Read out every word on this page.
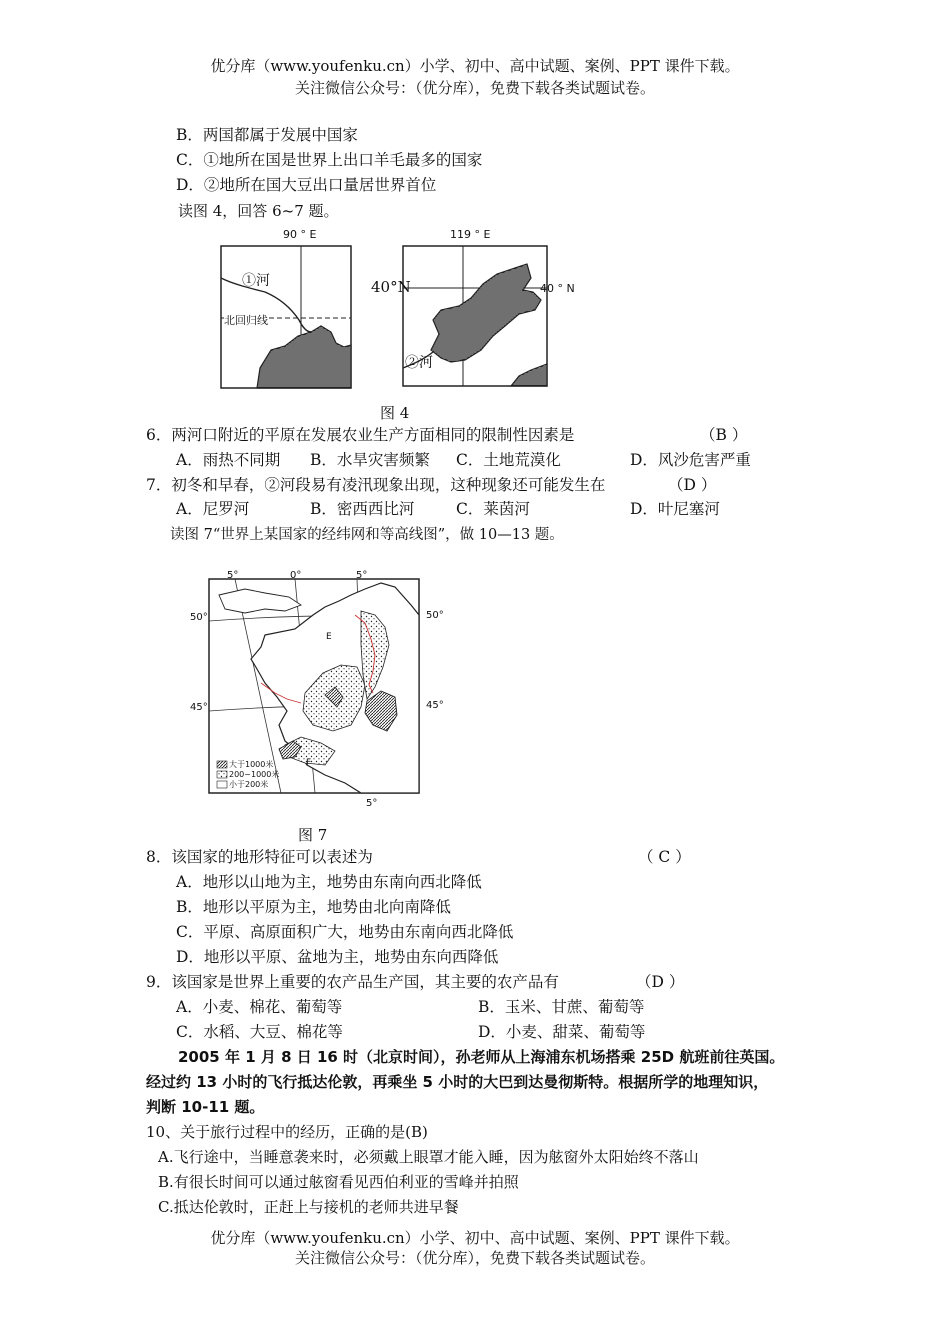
优分库（www.youfenku.cn）小学、初中、高中试题、案例、PPT 课件下载。
关注微信公众号：（优分库），免费下载各类试题试卷。
B．两国都属于发展中国家
C．①地所在国是世界上出口羊毛最多的国家
D．②地所在国大豆出口量居世界首位
读图 4，回答 6~7 题。
90 ° E
①河
北回归线
40°N
119 ° E
40 ° N
②河
图 4
6．两河口附近的平原在发展农业生产方面相同的限制性因素是	（B ）
A．雨热不同期 B．水旱灾害频繁 C．土地荒漠化	D．风沙危害严重
7．初冬和早春，②河段易有凌汛现象出现，这种现象还可能发生在	（D ）
A．尼罗河	B．密西西比河	C．莱茵河	D．叶尼塞河
读图 7“世界上某国家的经纬网和等高线图”，做 10—13 题。
5°	0°	5°
50°	50°
45°	45°
5°
E
F
大于1000米
200~1000米
小于200米
图 7
8．该国家的地形特征可以表述为	（ C ）
A．地形以山地为主，地势由东南向西北降低
B．地形以平原为主，地势由北向南降低
C．平原、高原面积广大，地势由东南向西北降低
D．地形以平原、盆地为主，地势由东向西降低
9．该国家是世界上重要的农产品生产国，其主要的农产品有	（D ）
A．小麦、棉花、葡萄等	B．玉米、甘蔗、葡萄等
C．水稻、大豆、棉花等	D．小麦、甜菜、葡萄等
2005 年 1 月 8 日 16 时（北京时间），孙老师从上海浦东机场搭乘 25D 航班前往英国。
经过约 13 小时的飞行抵达伦敦，再乘坐 5 小时的大巴到达曼彻斯特。根据所学的地理知识，
判断 10-11 题。
10、关于旅行过程中的经历，正确的是(B)
A.飞行途中，当睡意袭来时，必须戴上眼罩才能入睡，因为舷窗外太阳始终不落山
B.有很长时间可以通过舷窗看见西伯利亚的雪峰并拍照
C.抵达伦敦时，正赶上与接机的老师共进早餐
优分库（www.youfenku.cn）小学、初中、高中试题、案例、PPT 课件下载。
关注微信公众号：（优分库），免费下载各类试题试卷。
